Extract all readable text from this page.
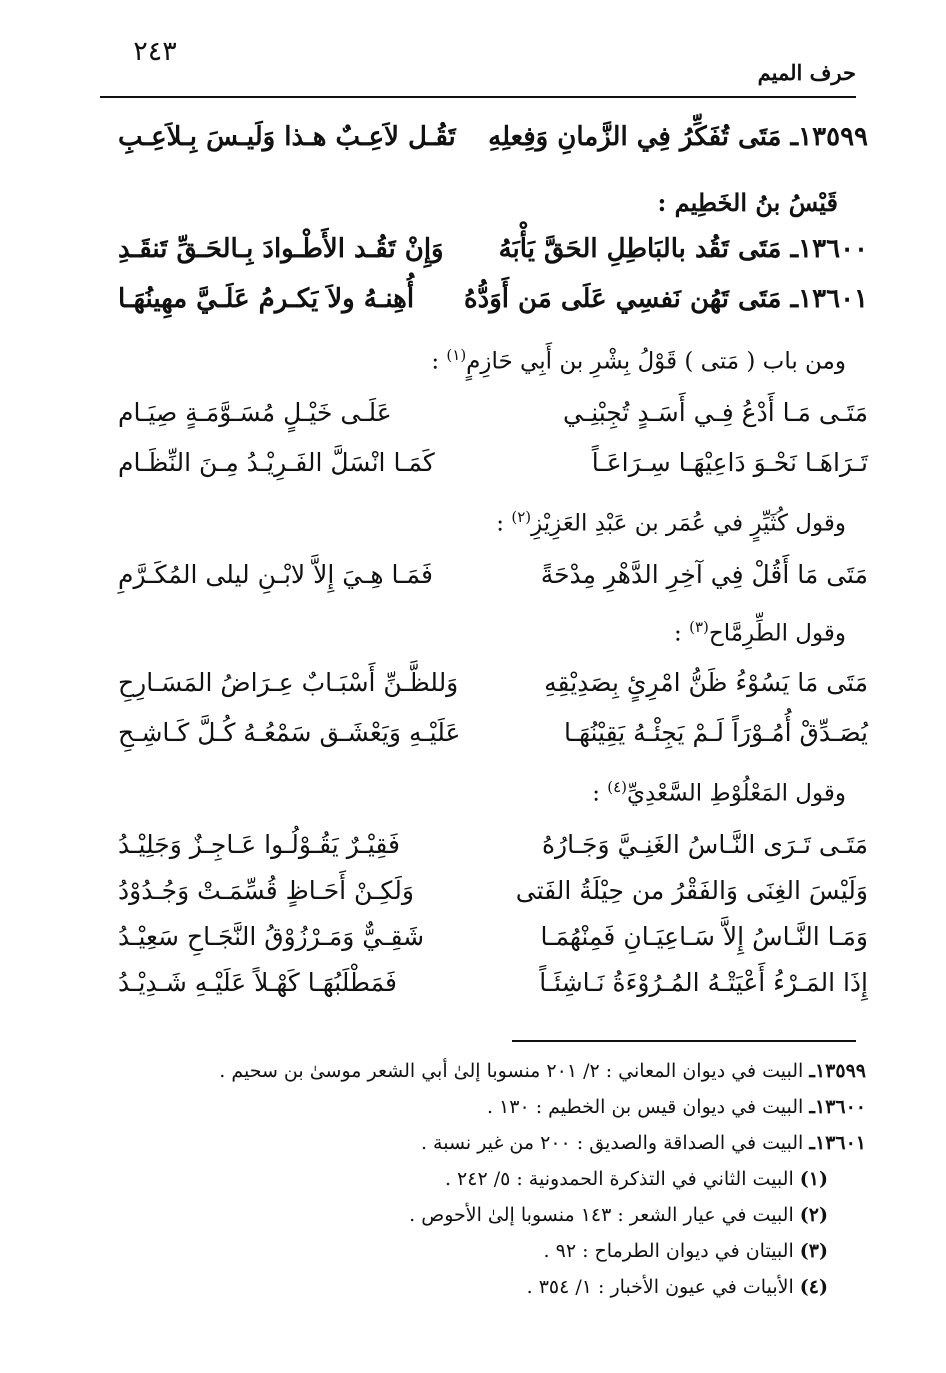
٢٤٣
حرف الميم
١٣٥٩٩ـ مَتَى تُفَكِّرُ فِي الزَّمانِ وَفِعلِهِ
تَقُـل لاَعِـبٌ هـذا وَلَيـسَ بِـلاَعِـبِ
قَيْسُ بنُ الخَطِيم :
١٣٦٠٠ـ مَتَى تَقُد بالبَاطِلِ الحَقَّ يَأْبَهُ
وَإِنْ تَقُـد الأَطْـوادَ بِـالحَـقِّ تَنقَـدِ
١٣٦٠١ـ مَتَى تَهُن نَفسِي عَلَى مَن أَوَدُّهُ
أُهِنـهُ ولاَ يَكـرمُ عَلَـيَّ مهِينُهَـا
ومن باب ( مَتى ) قَوْلُ بِشْرِ بن أَبِي حَازِمٍ$^{(١)}$ :
مَتَـى مَـا أَدْعُ فِـي أَسَـدٍ تُجِبْنِـي
عَلَـى خَيْـلٍ مُسَـوَّمَـةٍ صِيَـام
تَـرَاهَـا نَحْـوَ دَاعِيْهَـا سِـرَاعَـاً
كَمَـا انْسَلَّ الفَـرِيْـدُ مِـنَ النِّظَـام
وقول كُثَيِّرٍ في عُمَر بن عَبْدِ العَزِيْزِ$^{(٢)}$ :
مَتَى مَا أَقُلْ فِي آخِرِ الدَّهْرِ مِدْحَةً
فَمَـا هِـيَ إِلاَّ لابْـنِ ليلى المُكَـرَّمِ
وقول الطِّرِمَّاح$^{(٣)}$ :
مَتَى مَا يَسُوْءُ ظَنُّ امْرِئٍ بِصَدِيْقِهِ
وَللظَّـنِّ أَسْبَـابٌ عِـرَاضُ المَسَـارِحِ
يُصَـدِّقْ أُمُـوْرَاً لَـمْ يَجِئْـهُ يَقِيْنُهَـا
عَلَيْـهِ وَيَعْشَـق سَمْعُـهُ كُـلَّ كَـاشِـحِ
وقول المَعْلُوْطِ السَّعْدِيِّ$^{(٤)}$ :
مَتَـى تَـرَى النَّـاسُ الغَنِـيَّ وَجَـارُهُ
فَقِيْـرٌ يَقُـوْلُـوا عَـاجِـزٌ وَجَلِيْـدُ
وَلَيْسَ الغِنَى وَالفَقْرُ من حِيْلَةُ الفَتى
وَلَكِـنْ أَحَـاظٍ قُسِّمَـتْ وَجُـدُوْدُ
وَمَـا النَّـاسُ إِلاَّ سَـاعِيَـانِ فَمِنْهُمَـا
شَقِـيٌّ وَمَـرْزُوْقُ النَّجَـاحِ سَعِيْـدُ
إِذَا المَـرْءُ أَعْيَتْـهُ المُـرُوْءَةُ نَـاشِئَـاً
فَمَطْلَبُهَـا كَهْـلاً عَلَيْـهِ شَـدِيْـدُ
١٣٥٩٩ـ البيت في ديوان المعاني : ٢/ ٢٠١ منسوبا إلىٰ أبي الشعر موسىٰ بن سحيم .
١٣٦٠٠ـ البيت في ديوان قيس بن الخطيم : ١٣٠ .
١٣٦٠١ـ البيت في الصداقة والصديق : ٢٠٠ من غير نسبة .
(١) البيت الثاني في التذكرة الحمدونية : ٥/ ٢٤٢ .
(٢) البيت في عيار الشعر : ١٤٣ منسوبا إلىٰ الأحوص .
(٣) البيتان في ديوان الطرماح : ٩٢ .
(٤) الأبيات في عيون الأخبار : ١/ ٣٥٤ .
